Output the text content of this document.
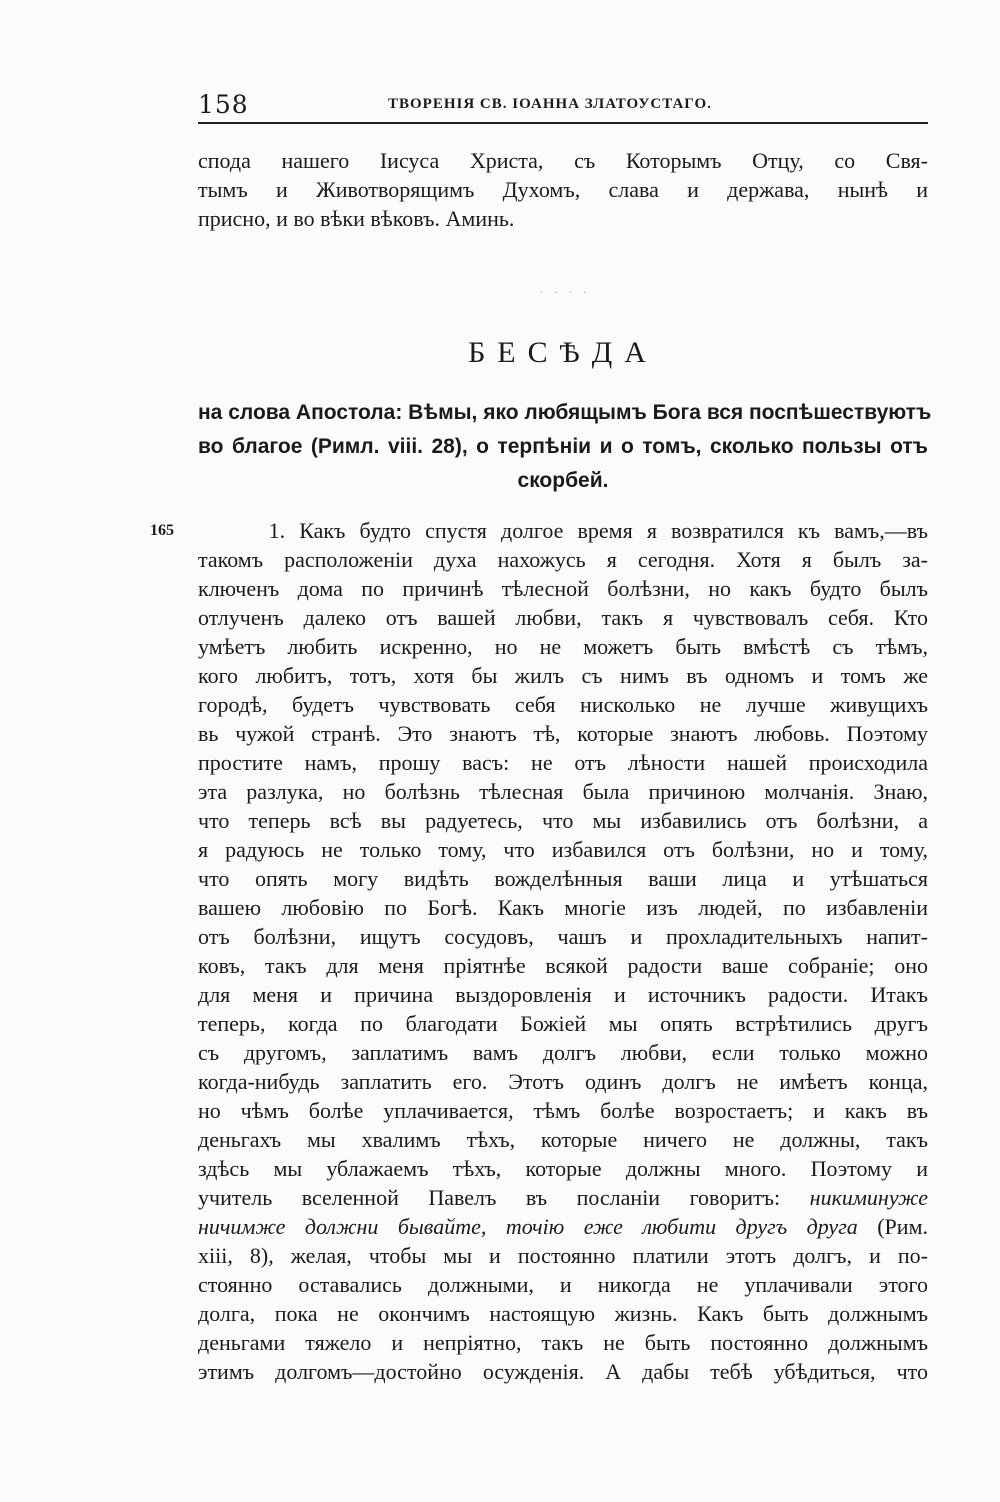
158	ТВОРЕНІЯ СВ. ІОАННА ЗЛАТОУСТАГО.
спода нашего Іисуса Христа, съ Которымъ Отцу, со Свя-
тымъ и Животворящимъ Духомъ, слава и держава, нынѣ и
присно, и во вѣки вѣковъ. Аминь.
· · · ·
БЕСѢДА
на слова Апостола: Вѣмы, яко любящымъ Бога вся поспѣшествуютъ
во благое (Римл. viii. 28), о терпѣніи и о томъ, сколько пользы отъ
скорбей.
165 1. Какъ будто спустя долгое время я возвратился къ вамъ,—въ
такомъ расположеніи духа нахожусь я сегодня. Хотя я былъ за-
ключенъ дома по причинѣ тѣлесной болѣзни, но какъ будто былъ
отлученъ далеко отъ вашей любви, такъ я чувствовалъ себя. Кто
умѣетъ любить искренно, но не можетъ быть вмѣстѣ съ тѣмъ,
кого любитъ, тотъ, хотя бы жилъ съ нимъ въ одномъ и томъ же
городѣ, будетъ чувствовать себя нисколько не лучше живущихъ
вь чужой странѣ. Это знаютъ тѣ, которые знаютъ любовь. Поэтому
простите намъ, прошу васъ: не отъ лѣности нашей происходила
эта разлука, но болѣзнь тѣлесная была причиною молчанія. Знаю,
что теперь всѣ вы радуетесь, что мы избавились отъ болѣзни, а
я радуюсь не только тому, что избавился отъ болѣзни, но и тому,
что опять могу видѣть вожделѣнныя ваши лица и утѣшаться
вашею любовію по Богѣ. Какъ многіе изъ людей, по избавленіи
отъ болѣзни, ищутъ сосудовъ, чашъ и прохладительныхъ напит-
ковъ, такъ для меня пріятнѣе всякой радости ваше собраніе; оно
для меня и причина выздоровленія и источникъ радости. Итакъ
теперь, когда по благодати Божіей мы опять встрѣтились другъ
съ другомъ, заплатимъ вамъ долгъ любви, если только можно
когда-нибудь заплатить его. Этотъ одинъ долгъ не имѣетъ конца,
но чѣмъ болѣе уплачивается, тѣмъ болѣе возростаетъ; и какъ въ
деньгахъ мы хвалимъ тѣхъ, которые ничего не должны, такъ
здѣсь мы ублажаемъ тѣхъ, которые должны много. Поэтому и
учитель вселенной Павелъ въ посланіи говоритъ: никиминуже
ничимже должни бывайте, точію еже любити другъ друга (Рим.
xiii, 8), желая, чтобы мы и постоянно платили этотъ долгъ, и по-
стоянно оставались должными, и никогда не уплачивали этого
долга, пока не окончимъ настоящую жизнь. Какъ быть должнымъ
деньгами тяжело и непріятно, такъ не быть постоянно должнымъ
этимъ долгомъ—достойно осужденія. А дабы тебѣ убѣдиться, что
